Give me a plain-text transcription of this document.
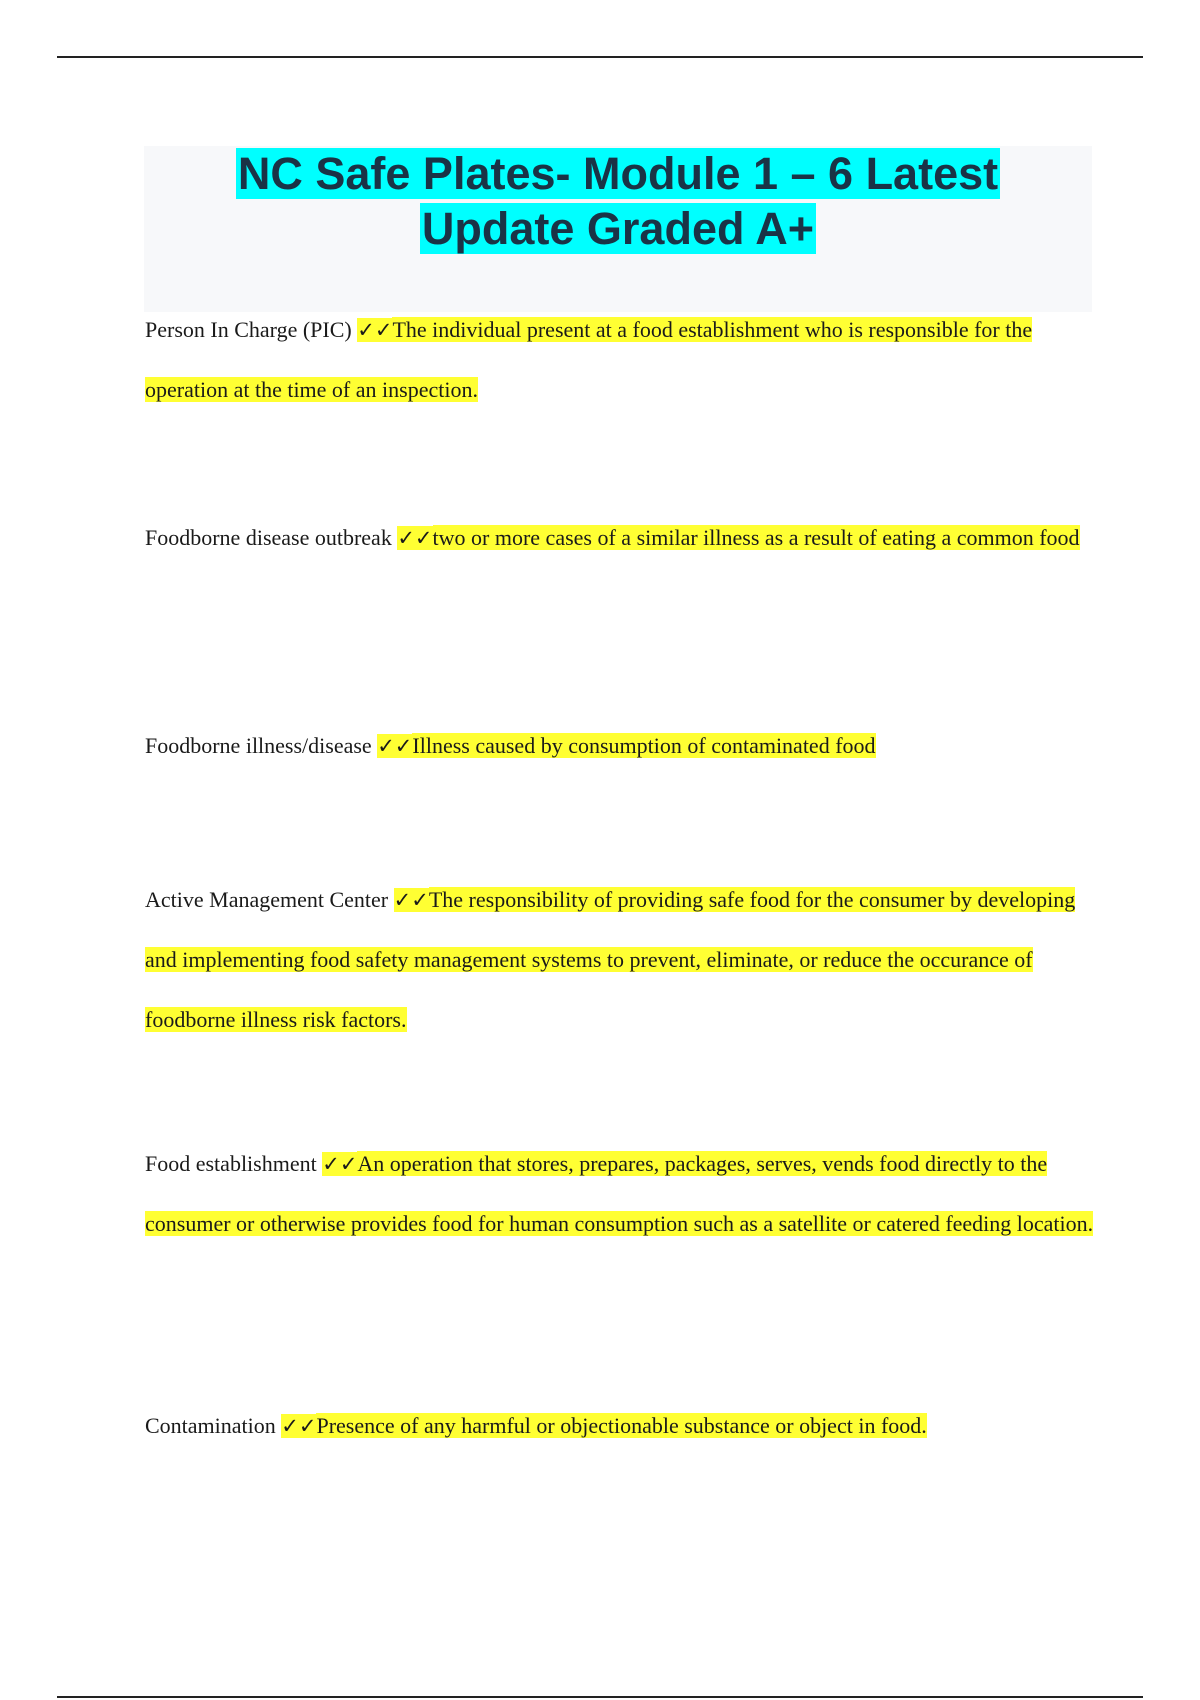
NC Safe Plates- Module 1 – 6 Latest
Update Graded A+

Person In Charge (PIC) ✓✓The individual present at a food establishment who is responsible for the operation at the time of an inspection.

Foodborne disease outbreak ✓✓two or more cases of a similar illness as a result of eating a common food

Foodborne illness/disease ✓✓Illness caused by consumption of contaminated food

Active Management Center ✓✓The responsibility of providing safe food for the consumer by developing and implementing food safety management systems to prevent, eliminate, or reduce the occurance of foodborne illness risk factors.

Food establishment ✓✓An operation that stores, prepares, packages, serves, vends food directly to the consumer or otherwise provides food for human consumption such as a satellite or catered feeding location.

Contamination ✓✓Presence of any harmful or objectionable substance or object in food.
